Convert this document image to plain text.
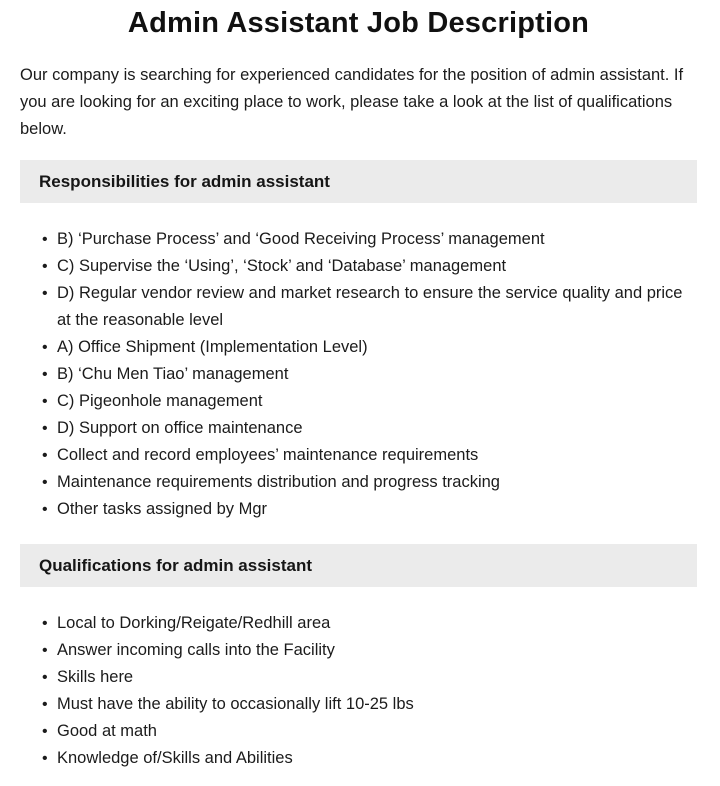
Admin Assistant Job Description

Our company is searching for experienced candidates for the position of admin assistant. If you are looking for an exciting place to work, please take a look at the list of qualifications below.

Responsibilities for admin assistant
• B) ‘Purchase Process’ and ‘Good Receiving Process’ management
• C) Supervise the ‘Using’, ‘Stock’ and ‘Database’ management
• D) Regular vendor review and market research to ensure the service quality and price at the reasonable level
• A) Office Shipment (Implementation Level)
• B) ‘Chu Men Tiao’ management
• C) Pigeonhole management
• D) Support on office maintenance
• Collect and record employees’ maintenance requirements
• Maintenance requirements distribution and progress tracking
• Other tasks assigned by Mgr
Qualifications for admin assistant
• Local to Dorking/Reigate/Redhill area
• Answer incoming calls into the Facility
• Skills here
• Must have the ability to occasionally lift 10-25 lbs
• Good at math
• Knowledge of/Skills and Abilities
